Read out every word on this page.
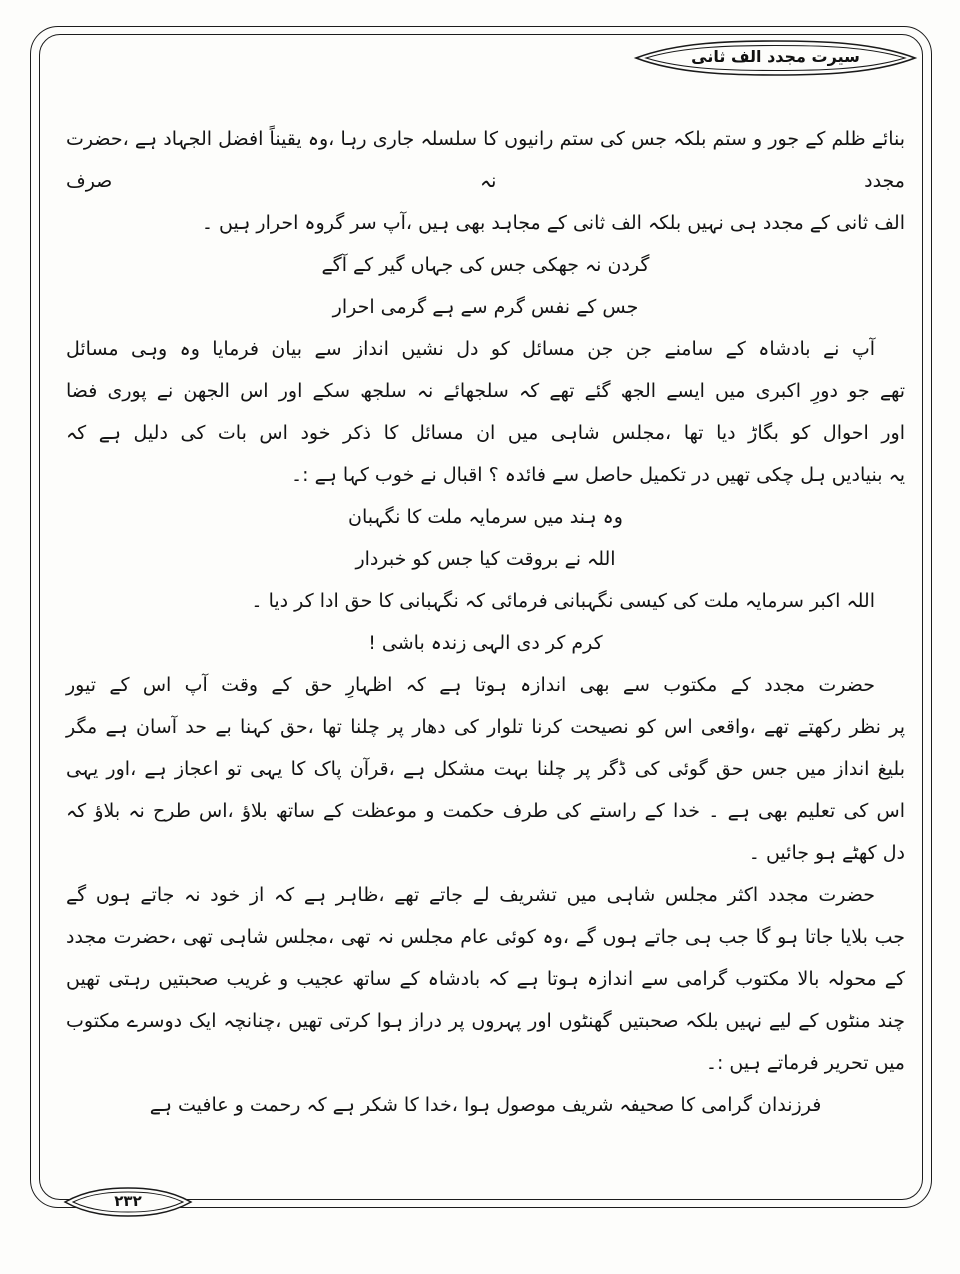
سیرت مجدد الف ثانی
بنائے ظلم کے جور و ستم بلکہ جس کی ستم رانیوں کا سلسلہ جاری رہا ،وہ یقیناً افضل الجہاد ہے ،حضرت مجدد نہ صرف
الف ثانی کے مجدد ہی نہیں بلکہ الف ثانی کے مجاہد بھی ہیں ،آپ سر گروہ احرار ہیں ۔
گردن نہ جھکی جس کی جہاں گیر کے آگے
جس کے نفس گرم سے ہے گرمی احرار
آپ نے بادشاہ کے سامنے جن جن مسائل کو دل نشیں انداز سے بیان فرمایا وہ وہی مسائل
تھے جو دورِ اکبری میں ایسے الجھ گئے تھے کہ سلجھائے نہ سلجھ سکے اور اس الجھن نے پوری فضا
اور احوال کو بگاڑ دیا تھا ،مجلس شاہی میں ان مسائل کا ذکر خود اس بات کی دلیل ہے کہ
یہ بنیادیں ہل چکی تھیں در تکمیل حاصل سے فائدہ ؟ اقبال نے خوب کہا ہے :۔
وہ ہند میں سرمایہ ملت کا نگہبان
اللہ نے بروقت کیا جس کو خبردار
اللہ اکبر سرمایہ ملت کی کیسی نگہبانی فرمائی کہ نگہبانی کا حق ادا کر دیا ۔
کرم کر دی الہی زندہ باشی !
حضرت مجدد کے مکتوب سے بھی اندازہ ہوتا ہے کہ اظہارِ حق کے وقت آپ اس کے تیور
پر نظر رکھتے تھے ،واقعی اس کو نصیحت کرنا تلوار کی دھار پر چلنا تھا ،حق کہنا بے حد آسان ہے مگر
بلیغ انداز میں جس حق گوئی کی ڈگر پر چلنا بہت مشکل ہے ،قرآن پاک کا یہی تو اعجاز ہے ،اور یہی
اس کی تعلیم بھی ہے ۔ خدا کے راستے کی طرف حکمت و موعظت کے ساتھ بلاؤ ،اس طرح نہ بلاؤ کہ
دل کھٹے ہو جائیں ۔
حضرت مجدد اکثر مجلس شاہی میں تشریف لے جاتے تھے ،ظاہر ہے کہ از خود نہ جاتے ہوں گے
جب بلایا جاتا ہو گا جب ہی جاتے ہوں گے ،وہ کوئی عام مجلس نہ تھی ،مجلس شاہی تھی ،حضرت مجدد
کے محولہ بالا مکتوب گرامی سے اندازہ ہوتا ہے کہ بادشاہ کے ساتھ عجیب و غریب صحبتیں رہتی تھیں
چند منٹوں کے لیے نہیں بلکہ صحبتیں گھنٹوں اور پہروں پر دراز ہوا کرتی تھیں ،چنانچہ ایک دوسرے مکتوب
میں تحریر فرماتے ہیں :۔
فرزندان گرامی کا صحیفہ شریف موصول ہوا ،خدا کا شکر ہے کہ رحمت و عافیت ہے
۲۳۲
